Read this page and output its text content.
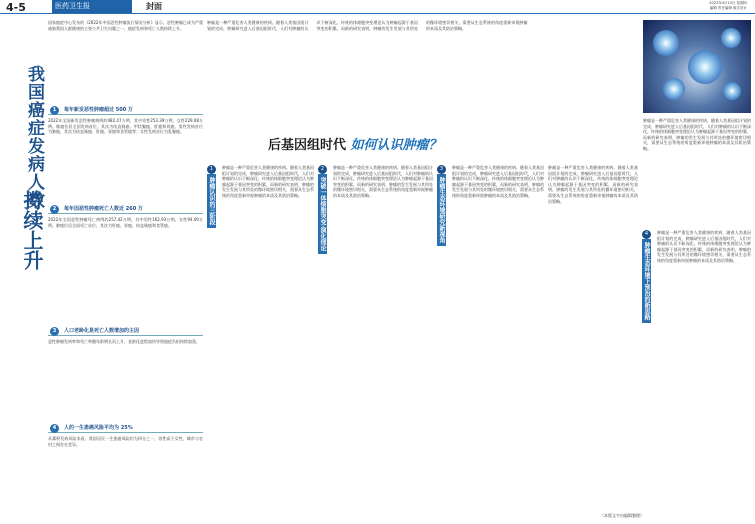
4-5	医药卫生报	封面	2023年4月13日 星期四
编辑 责任编辑 版式设计
我国癌症发病人数
持续上升
国家癌症中心发布的《2022年中国恶性肿瘤流行情况分析》显示，恶性肿瘤已成为严重威胁我国人群健康的主要公共卫生问题之一，癌症发病和死亡人数持续上升。
1	每年新发恶性肿瘤超过 500 万
2022年全国新发恶性肿瘤病例约482.47万例，其中男性253.39万例，女性229.08万例。肺癌位居全国发病首位，其次为结直肠癌、甲状腺癌、肝癌和胃癌。男性发病首位为肺癌，其次为结直肠癌、肝癌、胃癌和食管癌等；女性发病首位为乳腺癌。
2	每年因恶性肿瘤死亡人数近 260 万
2022年全国恶性肿瘤死亡病例约257.42万例，其中男性162.93万例，女性94.49万例。肺癌位居全国死亡首位，其次为肝癌、胃癌、结直肠癌和食管癌。
3	人口老龄化是死亡人数增加的主因
恶性肿瘤发病率和死亡率随年龄增长而上升，老龄化进程加快导致癌症负担持续加重。
4	人的一生患癌风险平均为 25%
从累积发病风险来看，我国居民一生患癌风险约为四分之一，男性高于女性，城市与农村之间存在差异。
肿瘤是一种严重危害人类健康的疾病。随着人类基因组计划的完成，肿瘤研究进入后基因组时代，人们对肿瘤的认识不断深化。传统的体细胞突变理论认为肿瘤起源于基因突变的积累，而新的研究表明，肿瘤的发生发展与其所处的微环境密切相关，需要从生态系统的角度重新审视肿瘤的本质及其防治策略。
后基因组时代 如何认识肿瘤？
1
肿瘤认识的三阶段
肿瘤是一种严重危害人类健康的疾病。随着人类基因组计划的完成，肿瘤研究进入后基因组时代，人们对肿瘤的认识不断深化。传统的体细胞突变理论认为肿瘤起源于基因突变的积累，而新的研究表明，肿瘤的发生发展与其所处的微环境密切相关，需要从生态系统的角度重新审视肿瘤的本质及其防治策略。
2
突破一体细胞突变·演化理论
肿瘤是一种严重危害人类健康的疾病。随着人类基因组计划的完成，肿瘤研究进入后基因组时代，人们对肿瘤的认识不断深化。传统的体细胞突变理论认为肿瘤起源于基因突变的积累，而新的研究表明，肿瘤的发生发展与其所处的微环境密切相关，需要从生态系统的角度重新审视肿瘤的本质及其防治策略。
3
肿瘤生态环境研究新视角
肿瘤是一种严重危害人类健康的疾病。随着人类基因组计划的完成，肿瘤研究进入后基因组时代，人们对肿瘤的认识不断深化。传统的体细胞突变理论认为肿瘤起源于基因突变的积累，而新的研究表明，肿瘤的发生发展与其所处的微环境密切相关，需要从生态系统的角度重新审视肿瘤的本质及其防治策略。
肿瘤是一种严重危害人类健康的疾病。随着人类基因组计划的完成，肿瘤研究进入后基因组时代，人们对肿瘤的认识不断深化。传统的体细胞突变理论认为肿瘤起源于基因突变的积累，而新的研究表明，肿瘤的发生发展与其所处的微环境密切相关，需要从生态系统的角度重新审视肿瘤的本质及其防治策略。
4
肿瘤生态环境下预治的新思路
肿瘤是一种严重危害人类健康的疾病。随着人类基因组计划的完成，肿瘤研究进入后基因组时代，人们对肿瘤的认识不断深化。传统的体细胞突变理论认为肿瘤起源于基因突变的积累，而新的研究表明，肿瘤的发生发展与其所处的微环境密切相关，需要从生态系统的角度重新审视肿瘤的本质及其防治策略。
肿瘤是一种严重危害人类健康的疾病。随着人类基因组计划的完成，肿瘤研究进入后基因组时代，人们对肿瘤的认识不断深化。传统的体细胞突变理论认为肿瘤起源于基因突变的积累，而新的研究表明，肿瘤的发生发展与其所处的微环境密切相关，需要从生态系统的角度重新审视肿瘤的本质及其防治策略。
（本版文字由编辑整理）
